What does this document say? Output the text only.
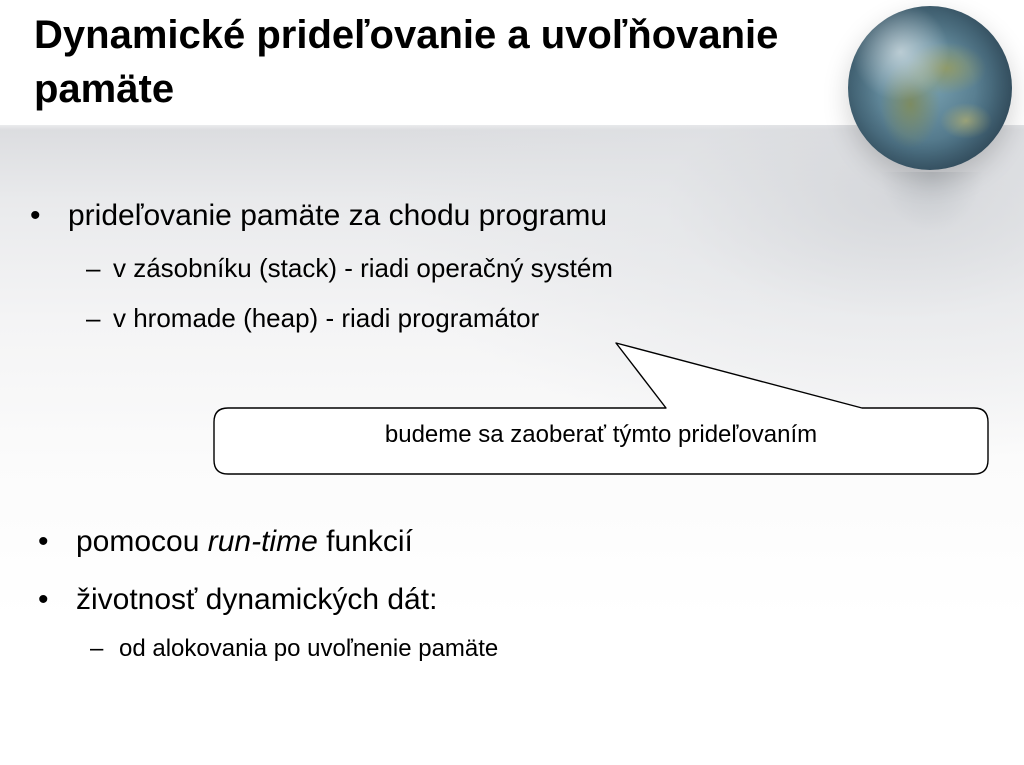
Dynamické prideľovanie a uvoľňovanie pamäte
• prideľovanie pamäte za chodu programu
– v zásobníku (stack) - riadi operačný systém
– v hromade (heap) - riadi programátor
budeme sa zaoberať týmto prideľovaním
• pomocou run-time funkcií
• životnosť dynamických dát:
– od alokovania po uvoľnenie pamäte
